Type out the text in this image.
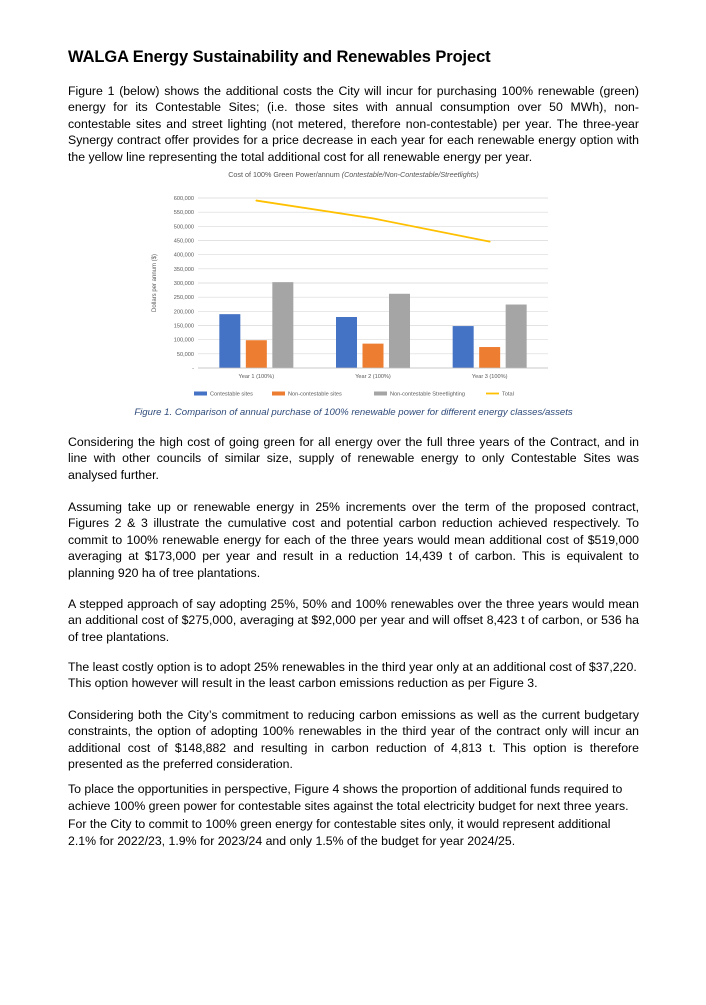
WALGA Energy Sustainability and Renewables Project

Figure 1 (below) shows the additional costs the City will incur for purchasing 100% renewable (green) energy for its Contestable Sites; (i.e. those sites with annual consumption over 50 MWh), non-contestable sites and street lighting (not metered, therefore non-contestable) per year. The three-year Synergy contract offer provides for a price decrease in each year for each renewable energy option with the yellow line representing the total additional cost for all renewable energy per year.

Cost of 100% Green Power/annum (Contestable/Non-Contestable/Streetlights)
-
50,000
100,000
150,000
200,000
250,000
300,000
350,000
400,000
450,000
500,000
550,000
600,000
Dollars per annum ($)
Year 1 (100%)	Year 2 (100%)	Year 3 (100%)
Contestable sites	Non-contestable sites	Non-contestable Streetlighting	Total
Figure 1. Comparison of annual purchase of 100% renewable power for different energy classes/assets

Considering the high cost of going green for all energy over the full three years of the Contract, and in line with other councils of similar size, supply of renewable energy to only Contestable Sites was analysed further.

Assuming take up or renewable energy in 25% increments over the term of the proposed contract, Figures 2 & 3 illustrate the cumulative cost and potential carbon reduction achieved respectively. To commit to 100% renewable energy for each of the three years would mean additional cost of $519,000 averaging at $173,000 per year and result in a reduction 14,439 t of carbon. This is equivalent to planning 920 ha of tree plantations.

A stepped approach of say adopting 25%, 50% and 100% renewables over the three years would mean an additional cost of $275,000, averaging at $92,000 per year and will offset 8,423 t of carbon, or 536 ha of tree plantations.

The least costly option is to adopt 25% renewables in the third year only at an additional cost of $37,220. This option however will result in the least carbon emissions reduction as per Figure 3.

Considering both the City’s commitment to reducing carbon emissions as well as the current budgetary constraints, the option of adopting 100% renewables in the third year of the contract only will incur an additional cost of $148,882 and resulting in carbon reduction of 4,813 t. This option is therefore presented as the preferred consideration.

To place the opportunities in perspective, Figure 4 shows the proportion of additional funds required to achieve 100% green power for contestable sites against the total electricity budget for next three years. For the City to commit to 100% green energy for contestable sites only, it would represent additional 2.1% for 2022/23, 1.9% for 2023/24 and only 1.5% of the budget for year 2024/25.
